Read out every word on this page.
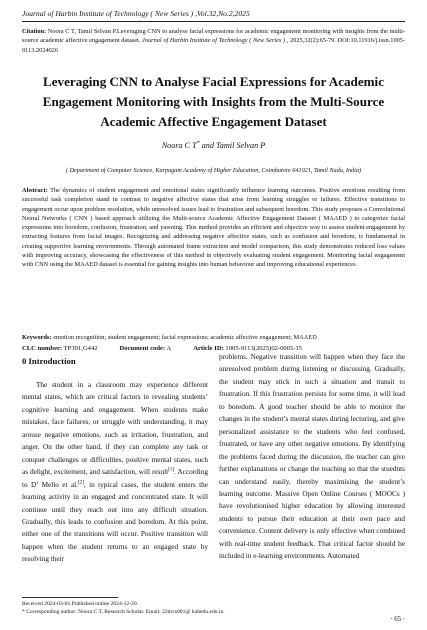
Journal of Harbin Institute of Technology ( New Series ) ,Vol.32,No.2,2025
Citation: Noora C T, Tamil Selvan P.Leveraging CNN to analyse facial expressions for academic engagement monitoring with insights from the multi-source academic affective engagement dataset. Journal of Harbin Institute of Technology ( New Series ) , 2025,32(2):65-79. DOI:10.11916/j.issn.1005-9113.2024026
Leveraging CNN to Analyse Facial Expressions for Academic Engagement Monitoring with Insights from the Multi-Source Academic Affective Engagement Dataset
Noora C T* and Tamil Selvan P
( Department of Computer Science, Karpagam Academy of Higher Education, Coimbatore 641021, Tamil Nadu, India)
Abstract: The dynamics of student engagement and emotional states significantly influence learning outcomes. Positive emotions resulting from successful task completion stand in contrast to negative affective states that arise from learning struggles or failures. Effective transitions to engagement occur upon problem resolution, while unresolved issues lead to frustration and subsequent boredom. This study proposes a Convolutional Neural Networks ( CNN ) based approach utilizing the Multi-source Academic Affective Engagement Dataset ( MAAED ) to categorize facial expressions into boredom, confusion, frustration, and yawning. This method provides an efficient and objective way to assess student engagement by extracting features from facial images. Recognizing and addressing negative affective states, such as confusion and boredom, is fundamental in creating supportive learning environments. Through automated frame extraction and model comparison, this study demonstrates reduced loss values with improving accuracy, showcasing the effectiveness of this method in objectively evaluating student engagement. Monitoring facial engagement with CNN using the MAAED dataset is essential for gaining insights into human behaviour and improving educational experiences.
Keywords: emotion recognition; student engagement; facial expressions; academic affective engagement; MAAED
CLC number: TP391,G442	Document code: A	Article ID: 1005-9113(2025)02-0065-15
0 Introduction

The student in a classroom may experience different mental states, which are critical factors in revealing students’ cognitive learning and engagement. When students make mistakes, face failures, or struggle with understanding, it may arouse negative emotions, such as irritation, frustration, and anger. On the other hand, if they can complete any task or conquer challenges or difficulties, positive mental states, such as delight, excitement, and satisfaction, will result[1]. According to D’ Mello et al.[2], in typical cases, the student enters the learning activity in an engaged and concentrated state. It will continue until they reach out into any difficult situation. Gradually, this leads to confusion and boredom. At this point, either one of the transitions will occur. Positive transition will happen when the student returns to an engaged state by resolving their

problems. Negative transition will happen when they face the unresolved problem during listening or discussing. Gradually, the student may stick in such a situation and transit to frustration. If this frustration persists for some time, it will lead to boredom. A good teacher should be able to monitor the changes in the student’s mental states during lecturing, and give personalized assistance to the students who feel confused, frustrated, or have any other negative emotions. By identifying the problems faced during the discussion, the teacher can give further explanations or change the teaching so that the stuednts can understand easily, thereby maximising the student’s learning outcome. Massive Open Online Courses ( MOOCs ) have revolutionised higher education by allowing interested students to pursue their education at their own pace and convenience. Content delivery is only effective when combined with real-time student feedback. That critical factor should be included in e-learning environments. Automated

Received 2024-03-01.Published online 2024-12-20.
* Corresponding author: Noora C T, Research Scholar. Email: 22drcs001@ kahedu.edu.in.
· 65 ·
